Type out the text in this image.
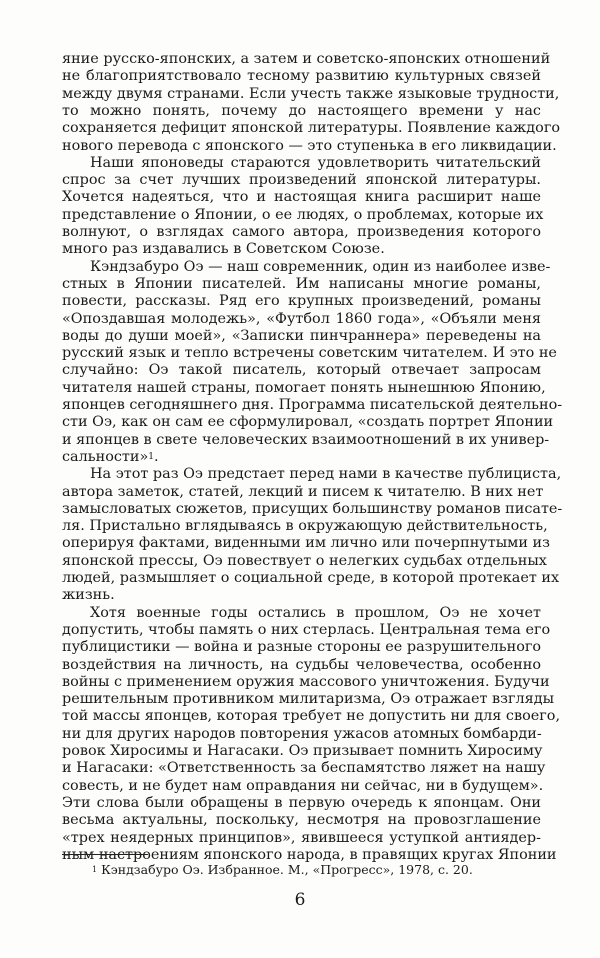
яние русско-японских, а затем и советско-японских отношений
не благоприятствовало тесному развитию культурных связей
между двумя странами. Если учесть также языковые трудности,
то можно понять, почему до настоящего времени у нас
сохраняется дефицит японской литературы. Появление каждого
нового перевода с японского — это ступенька в его ликвидации.
Наши японоведы стараются удовлетворить читательский
спрос за счет лучших произведений японской литературы.
Хочется надеяться, что и настоящая книга расширит наше
представление о Японии, о ее людях, о проблемах, которые их
волнуют, о взглядах самого автора, произведения которого
много раз издавались в Советском Союзе.
Кэндзабуро Оэ — наш современник, один из наиболее изве-
стных в Японии писателей. Им написаны многие романы,
повести, рассказы. Ряд его крупных произведений, романы
«Опоздавшая молодежь», «Футбол 1860 года», «Объяли меня
воды до души моей», «Записки пинчраннера» переведены на
русский язык и тепло встречены советским читателем. И это не
случайно: Оэ такой писатель, который отвечает запросам
читателя нашей страны, помогает понять нынешнюю Японию,
японцев сегодняшнего дня. Программа писательской деятельно-
сти Оэ, как он сам ее сформулировал, «создать портрет Японии
и японцев в свете человеческих взаимоотношений в их универ-
сальности»$^1$.
На этот раз Оэ предстает перед нами в качестве публициста,
автора заметок, статей, лекций и писем к читателю. В них нет
замысловатых сюжетов, присущих большинству романов писате-
ля. Пристально вглядываясь в окружающую действительность,
оперируя фактами, виденными им лично или почерпнутыми из
японской прессы, Оэ повествует о нелегких судьбах отдельных
людей, размышляет о социальной среде, в которой протекает их
жизнь.
Хотя военные годы остались в прошлом, Оэ не хочет
допустить, чтобы память о них стерлась. Центральная тема его
публицистики — война и разные стороны ее разрушительного
воздействия на личность, на судьбы человечества, особенно
войны с применением оружия массового уничтожения. Будучи
решительным противником милитаризма, Оэ отражает взгляды
той массы японцев, которая требует не допустить ни для своего,
ни для других народов повторения ужасов атомных бомбарди-
ровок Хиросимы и Нагасаки. Оэ призывает помнить Хиросиму
и Нагасаки: «Ответственность за беспамятство ляжет на нашу
совесть, и не будет нам оправдания ни сейчас, ни в будущем».
Эти слова были обращены в первую очередь к японцам. Они
весьма актуальны, поскольку, несмотря на провозглашение
«трех неядерных принципов», явившееся уступкой антиядер-
ным настроениям японского народа, в правящих кругах Японии
$^1$ Кэндзабуро Оэ. Избранное. М., «Прогресс», 1978, с. 20.
6
